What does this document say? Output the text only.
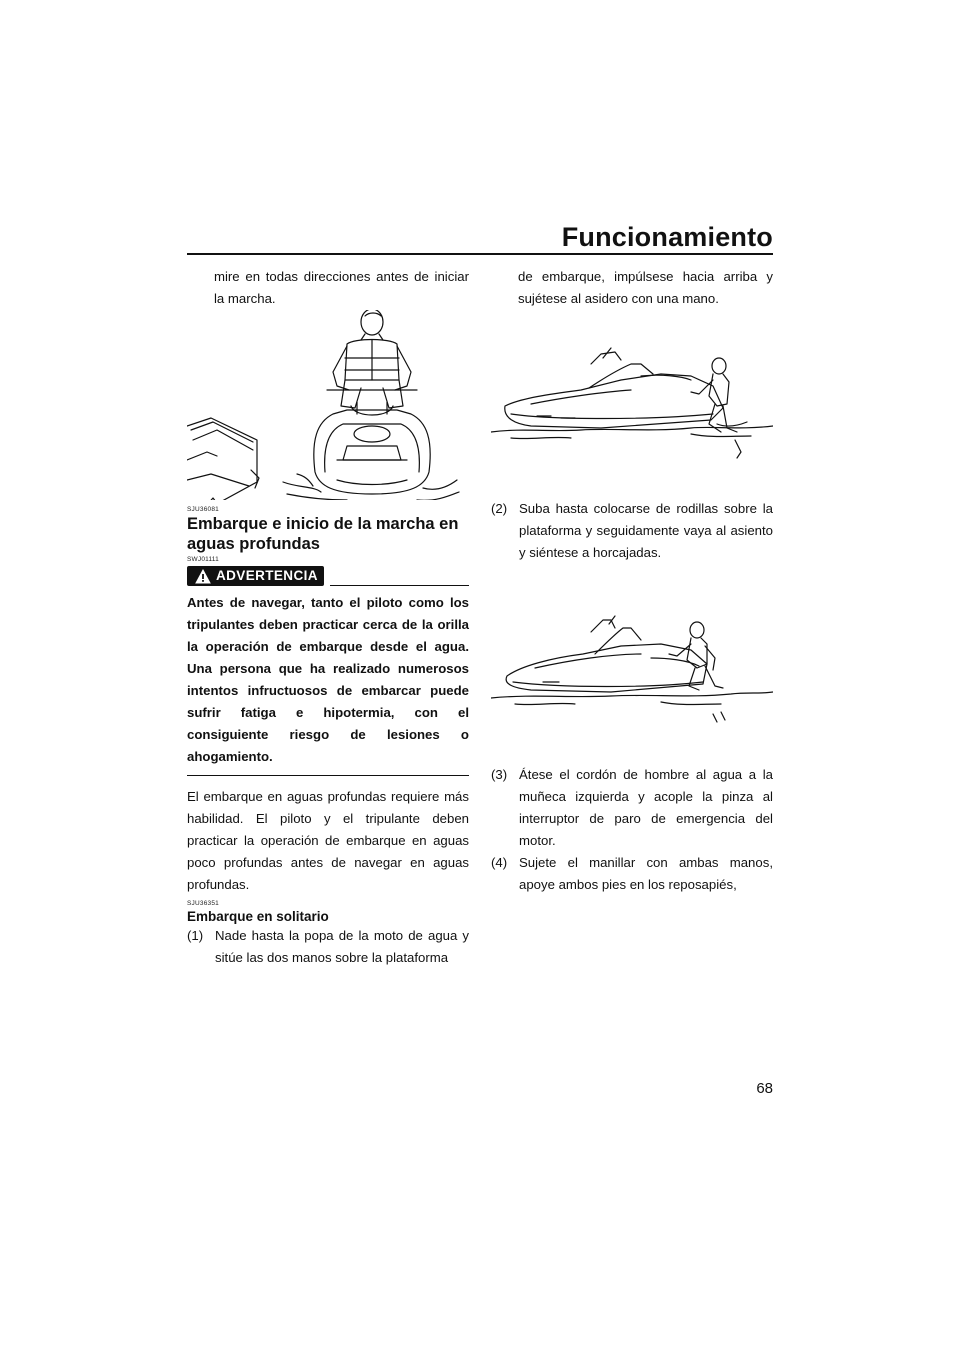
Funcionamiento

mire en todas direcciones antes de iniciar la marcha.

SJU36081
Embarque e inicio de la marcha en aguas profundas
SWJ01111
ADVERTENCIA

Antes de navegar, tanto el piloto como los tripulantes deben practicar cerca de la orilla la operación de embarque desde el agua. Una persona que ha realizado numerosos intentos infructuosos de embarcar puede sufrir fatiga e hipotermia, con el consiguiente riesgo de lesiones o ahogamiento.

El embarque en aguas profundas requiere más habilidad. El piloto y el tripulante deben practicar la operación de embarque en aguas poco profundas antes de navegar en aguas profundas.

SJU36351
Embarque en solitario
(1) Nade hasta la popa de la moto de agua y sitúe las dos manos sobre la plataforma

de embarque, impúlsese hacia arriba y sujétese al asidero con una mano.

(2) Suba hasta colocarse de rodillas sobre la plataforma y seguidamente vaya al asiento y siéntese a horcajadas.
(3) Átese el cordón de hombre al agua a la muñeca izquierda y acople la pinza al interruptor de paro de emergencia del motor.
(4) Sujete el manillar con ambas manos, apoye ambos pies en los reposapiés,
68
